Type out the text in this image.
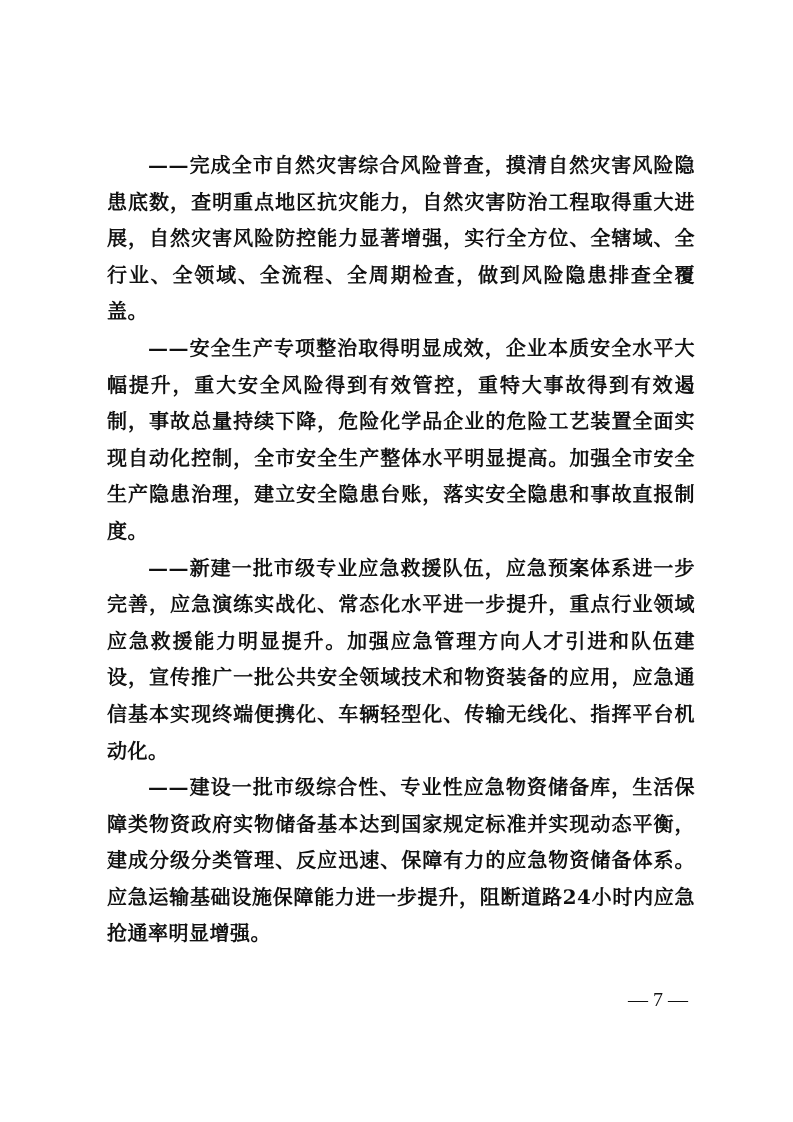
——完成全市自然灾害综合风险普查，摸清自然灾害风险隐患底数，查明重点地区抗灾能力，自然灾害防治工程取得重大进展，自然灾害风险防控能力显著增强，实行全方位、全辖域、全行业、全领域、全流程、全周期检查，做到风险隐患排查全覆盖。

——安全生产专项整治取得明显成效，企业本质安全水平大幅提升，重大安全风险得到有效管控，重特大事故得到有效遏制，事故总量持续下降，危险化学品企业的危险工艺装置全面实现自动化控制，全市安全生产整体水平明显提高。加强全市安全生产隐患治理，建立安全隐患台账，落实安全隐患和事故直报制度。

——新建一批市级专业应急救援队伍，应急预案体系进一步完善，应急演练实战化、常态化水平进一步提升，重点行业领域应急救援能力明显提升。加强应急管理方向人才引进和队伍建设，宣传推广一批公共安全领域技术和物资装备的应用，应急通信基本实现终端便携化、车辆轻型化、传输无线化、指挥平台机动化。

——建设一批市级综合性、专业性应急物资储备库，生活保障类物资政府实物储备基本达到国家规定标准并实现动态平衡，建成分级分类管理、反应迅速、保障有力的应急物资储备体系。应急运输基础设施保障能力进一步提升，阻断道路24小时内应急抢通率明显增强。

— 7 —
